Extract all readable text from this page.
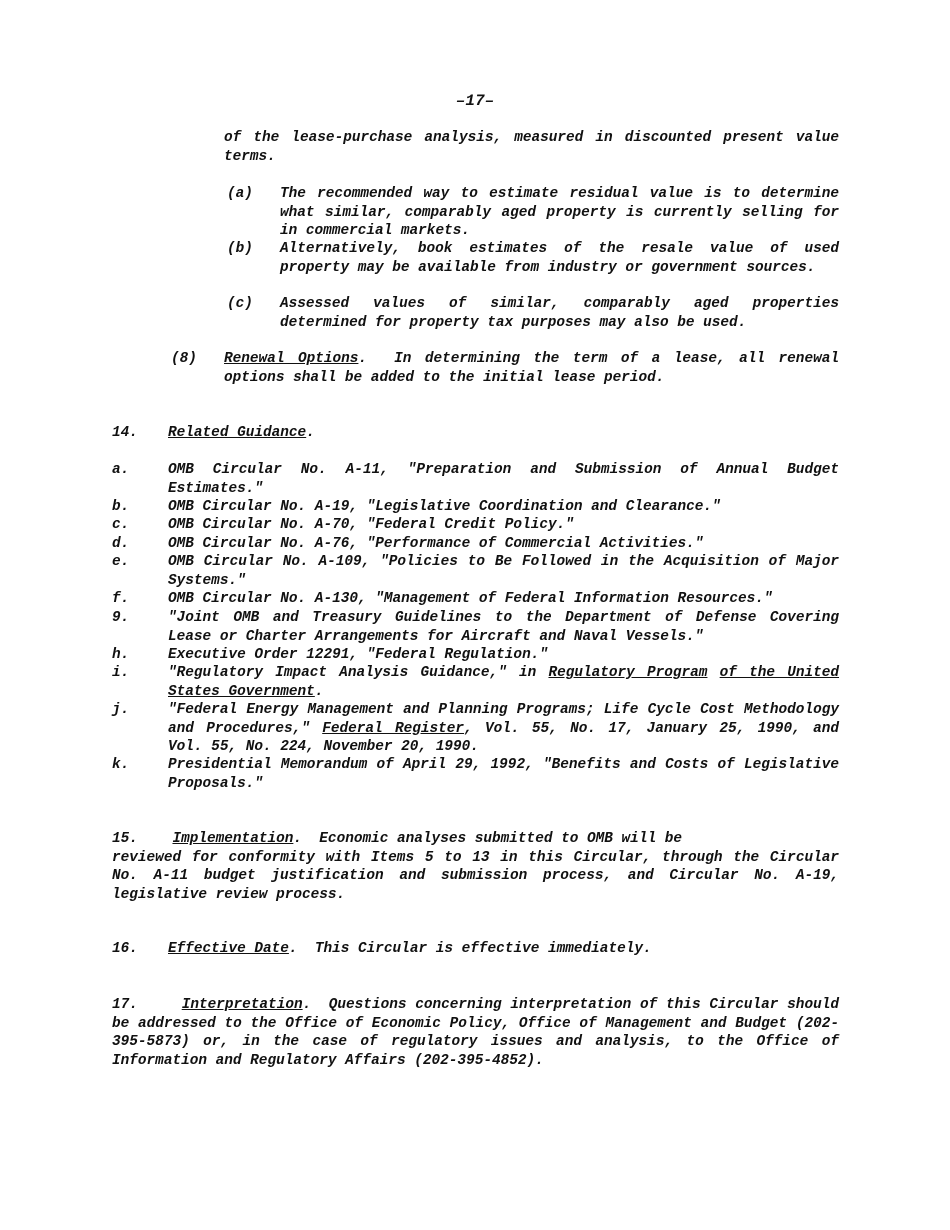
–17–
of the lease-purchase analysis, measured in discounted present value terms.
(a) The recommended way to estimate residual value is to determine what similar, comparably aged property is currently selling for in commercial markets.
(b) Alternatively, book estimates of the resale value of used property may be available from industry or government sources.
(c) Assessed values of similar, comparably aged properties determined for property tax purposes may also be used.
(8) Renewal Options.  In determining the term of a lease, all renewal options shall be added to the initial lease period.
14. Related Guidance.
a.	OMB Circular No. A-11, "Preparation and Submission of Annual Budget Estimates."
b.	OMB Circular No. A-19, "Legislative Coordination and Clearance."
c.	OMB Circular No. A-70, "Federal Credit Policy."
d.	OMB Circular No. A-76, "Performance of Commercial Activities."
e.	OMB Circular No. A-109, "Policies to Be Followed in the Acquisition of Major Systems."
f.	OMB Circular No. A-130, "Management of Federal Information Resources."
9.	"Joint OMB and Treasury Guidelines to the Department of Defense Covering Lease or Charter Arrangements for Aircraft and Naval Vessels."
h.	Executive Order 12291, "Federal Regulation."
i.	"Regulatory Impact Analysis Guidance," in Regulatory Program of the United States Government.
j.	"Federal Energy Management and Planning Programs; Life Cycle Cost Methodology and Procedures," Federal Register, Vol. 55, No. 17, January 25, 1990, and Vol. 55, No. 224, November 20, 1990.
k.	Presidential Memorandum of April 29, 1992, "Benefits and Costs of Legislative Proposals."
15. Implementation.  Economic analyses submitted to OMB will be
reviewed for conformity with Items 5 to 13 in this Circular, through the Circular No. A-11 budget justification and submission process, and Circular No. A-19, legislative review process.
16. Effective Date.  This Circular is effective immediately.
17.	Interpretation.  Questions concerning interpretation of this Circular should be addressed to the Office of Economic Policy, Office of Management and Budget (202-395-5873) or, in the case of regulatory issues and analysis, to the Office of Information and Regulatory Affairs (202-395-4852).
